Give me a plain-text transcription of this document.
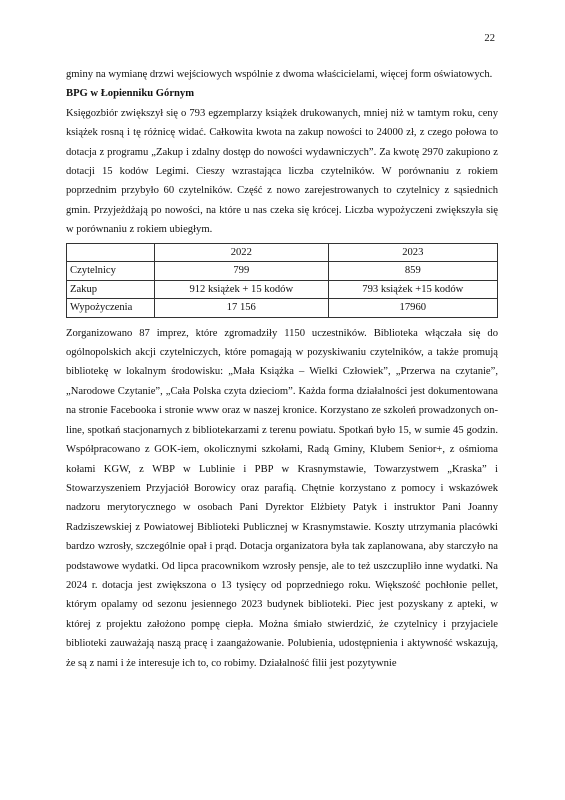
22

gminy na wymianę drzwi wejściowych wspólnie z dwoma właścicielami, więcej form oświatowych.

BPG w Łopienniku Górnym

Księgozbiór zwiększył się o 793 egzemplarzy książek drukowanych, mniej niż w tamtym roku, ceny książek rosną i tę różnicę widać. Całkowita kwota na zakup nowości to 24000 zł, z czego połowa to dotacja z programu „Zakup i zdalny dostęp do nowości wydawniczych”. Za kwotę 2970 zakupiono z dotacji 15 kodów Legimi. Cieszy wzrastająca liczba czytelników. W porównaniu z rokiem poprzednim przybyło 60 czytelników. Część z nowo zarejestrowanych to czytelnicy z sąsiednich gmin. Przyjeżdżają po nowości, na które u nas czeka się krócej. Liczba wypożyczeni zwiększyła się w porównaniu z rokiem ubiegłym.

	2022	2023
Czytelnicy	799	859
Zakup	912 książek + 15 kodów	793 książek +15 kodów
Wypożyczenia	17 156	17960

Zorganizowano 87 imprez, które zgromadziły 1150 uczestników. Biblioteka włączała się do ogólnopolskich akcji czytelniczych, które pomagają w pozyskiwaniu czytelników, a także promują bibliotekę w lokalnym środowisku: „Mała Książka – Wielki Człowiek”, „Przerwa na czytanie”, „Narodowe Czytanie”, „Cała Polska czyta dzieciom”. Każda forma działalności jest dokumentowana na stronie Facebooka i stronie www oraz w naszej kronice. Korzystano ze szkoleń prowadzonych on-line, spotkań stacjonarnych z bibliotekarzami z terenu powiatu. Spotkań było 15, w sumie 45 godzin. Współpracowano z GOK-iem, okolicznymi szkołami, Radą Gminy, Klubem Senior+, z ośmioma kołami KGW, z WBP w Lublinie i PBP w Krasnymstawie, Towarzystwem „Kraska” i Stowarzyszeniem Przyjaciół Borowicy oraz parafią. Chętnie korzystano z pomocy i wskazówek nadzoru merytorycznego w osobach Pani Dyrektor Elżbiety Patyk i instruktor Pani Joanny Radziszewskiej z Powiatowej Biblioteki Publicznej w Krasnymstawie. Koszty utrzymania placówki bardzo wzrosły, szczególnie opał i prąd. Dotacja organizatora była tak zaplanowana, aby starczyło na podstawowe wydatki. Od lipca pracownikom wzrosły pensje, ale to też uszczupliło inne wydatki. Na 2024 r. dotacja jest zwiększona o 13 tysięcy od poprzedniego roku. Większość pochłonie pellet, którym opalamy od sezonu jesiennego 2023 budynek biblioteki. Piec jest pozyskany z apteki, w której z projektu założono pompę ciepła. Można śmiało stwierdzić, że czytelnicy i przyjaciele biblioteki zauważają naszą pracę i zaangażowanie. Polubienia, udostępnienia i aktywność wskazują, że są z nami i że interesuje ich to, co robimy. Działalność filii jest pozytywnie
